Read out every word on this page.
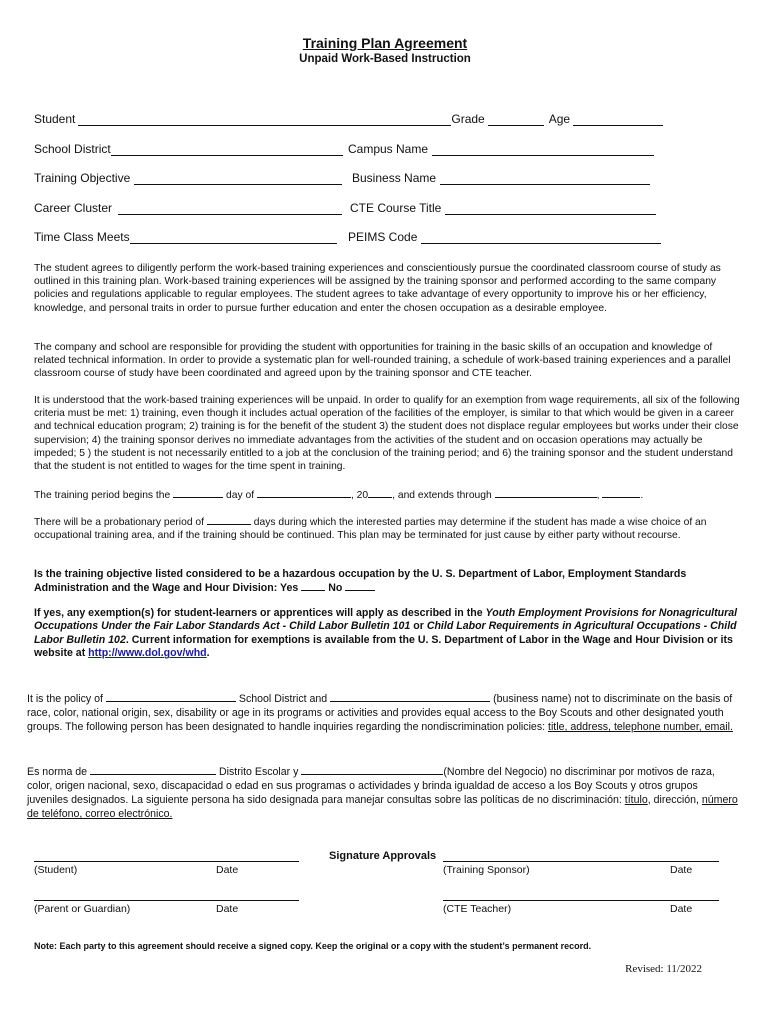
Training Plan Agreement
Unpaid Work-Based Instruction
Student	Grade	Age
School District	Campus Name
Training Objective	Business Name
Career Cluster	CTE Course Title
Time Class Meets	PEIMS Code
The student agrees to diligently perform the work-based training experiences and conscientiously pursue the coordinated classroom course of study as outlined in this training plan. Work-based training experiences will be assigned by the training sponsor and performed according to the same company policies and regulations applicable to regular employees. The student agrees to take advantage of every opportunity to improve his or her efficiency, knowledge, and personal traits in order to pursue further education and enter the chosen occupation as a desirable employee.
The company and school are responsible for providing the student with opportunities for training in the basic skills of an occupation and knowledge of related technical information. In order to provide a systematic plan for well-rounded training, a schedule of work-based training experiences and a parallel classroom course of study have been coordinated and agreed upon by the training sponsor and CTE teacher.
It is understood that the work-based training experiences will be unpaid. In order to qualify for an exemption from wage requirements, all six of the following criteria must be met: 1) training, even though it includes actual operation of the facilities of the employer, is similar to that which would be given in a career and technical education program; 2) training is for the benefit of the student 3) the student does not displace regular employees but works under their close supervision; 4) the training sponsor derives no immediate advantages from the activities of the student and on occasion operations may actually be impeded; 5 ) the student is not necessarily entitled to a job at the conclusion of the training period; and 6) the training sponsor and the student understand that the student is not entitled to wages for the time spent in training.
The training period begins the	day of	, 20 , and extends through	,	.
There will be a probationary period of	days during which the interested parties may determine if the student has made a wise choice of an occupational training area, and if the training should be continued. This plan may be terminated for just cause by either party without recourse.
Is the training objective listed considered to be a hazardous occupation by the U. S. Department of Labor, Employment Standards Administration and the Wage and Hour Division: Yes	No
If yes, any exemption(s) for student-learners or apprentices will apply as described in the Youth Employment Provisions for Nonagricultural Occupations Under the Fair Labor Standards Act - Child Labor Bulletin 101 or Child Labor Requirements in Agricultural Occupations - Child Labor Bulletin 102. Current information for exemptions is available from the U. S. Department of Labor in the Wage and Hour Division or its website at http://www.dol.gov/whd.
It is the policy of	School District and	(business name) not to discriminate on the basis of race, color, national origin, sex, disability or age in its programs or activities and provides equal access to the Boy Scouts and other designated youth groups. The following person has been designated to handle inquiries regarding the nondiscrimination policies: title, address, telephone number, email.
Es norma de	Distrito Escolar y	(Nombre del Negocio) no discriminar por motivos de raza, color, origen nacional, sexo, discapacidad o edad en sus programas o actividades y brinda igualdad de acceso a los Boy Scouts y otros grupos juveniles designados. La siguiente persona ha sido designada para manejar consultas sobre las políticas de no discriminación: título, dirección, número de teléfono, correo electrónico.
Signature Approvals
(Student)	Date	(Training Sponsor)	Date
(Parent or Guardian)	Date	(CTE Teacher)	Date
Note: Each party to this agreement should receive a signed copy. Keep the original or a copy with the student’s permanent record.
Revised: 11/2022
